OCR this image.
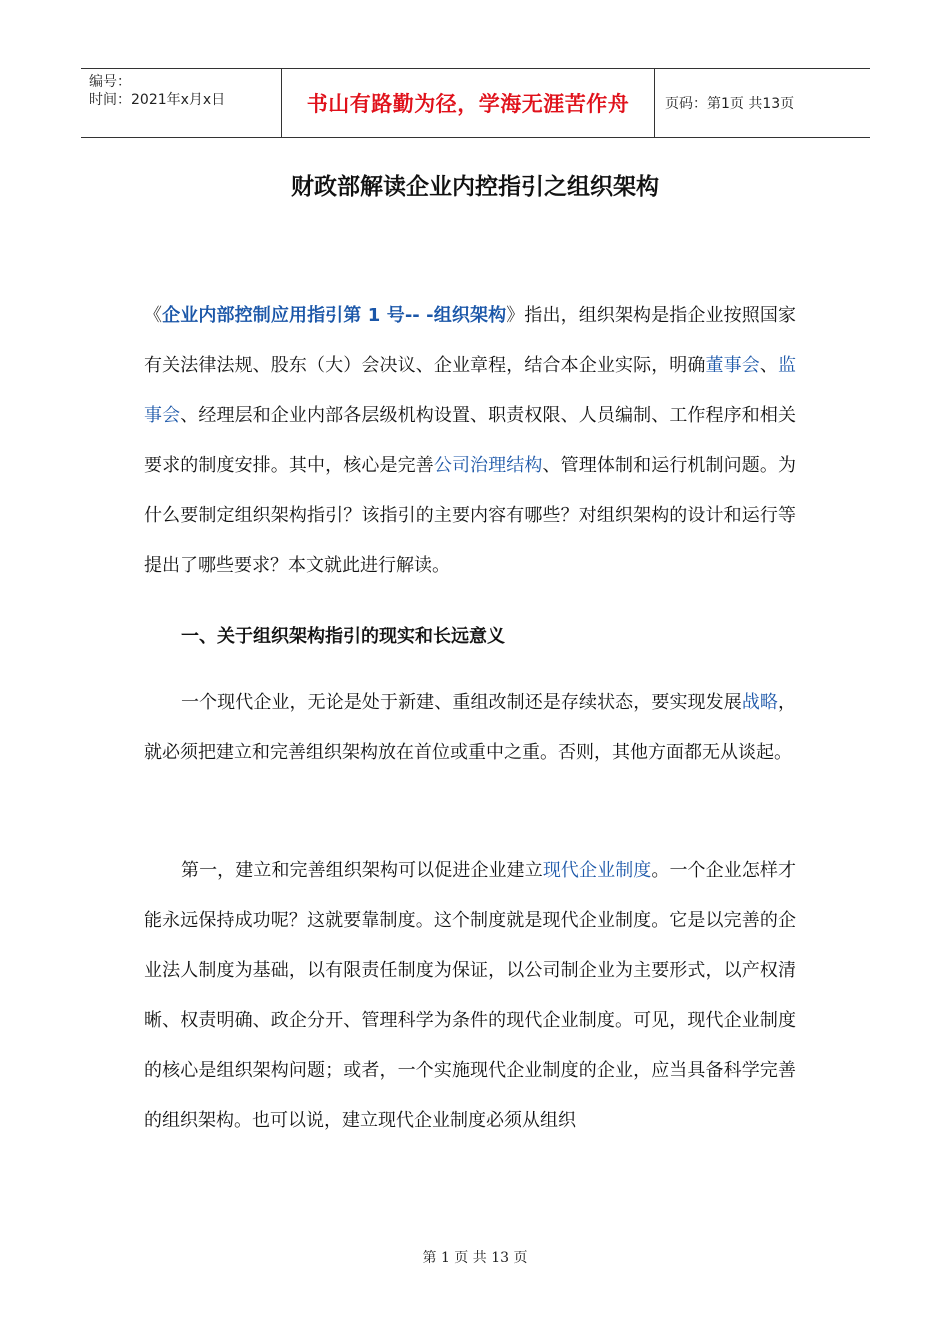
编号：
时间：2021年x月x日	书山有路勤为径，学海无涯苦作舟	页码：第1页 共13页
财政部解读企业内控指引之组织架构
《企业内部控制应用指引第 1 号-- -组织架构》指出，组织架构是指企业按照国家有关法律法规、股东（大）会决议、企业章程，结合本企业实际，明确董事会、监事会、经理层和企业内部各层级机构设置、职责权限、人员编制、工作程序和相关要求的制度安排。其中，核心是完善公司治理结构、管理体制和运行机制问题。为什么要制定组织架构指引？该指引的主要内容有哪些？对组织架构的设计和运行等提出了哪些要求？本文就此进行解读。
一、关于组织架构指引的现实和长远意义
一个现代企业，无论是处于新建、重组改制还是存续状态，要实现发展战略，就必须把建立和完善组织架构放在首位或重中之重。否则，其他方面都无从谈起。
第一，建立和完善组织架构可以促进企业建立现代企业制度。一个企业怎样才能永远保持成功呢？这就要靠制度。这个制度就是现代企业制度。它是以完善的企业法人制度为基础，以有限责任制度为保证，以公司制企业为主要形式，以产权清晰、权责明确、政企分开、管理科学为条件的现代企业制度。可见，现代企业制度的核心是组织架构问题；或者，一个实施现代企业制度的企业，应当具备科学完善的组织架构。也可以说，建立现代企业制度必须从组织
第 1 页 共 13 页
